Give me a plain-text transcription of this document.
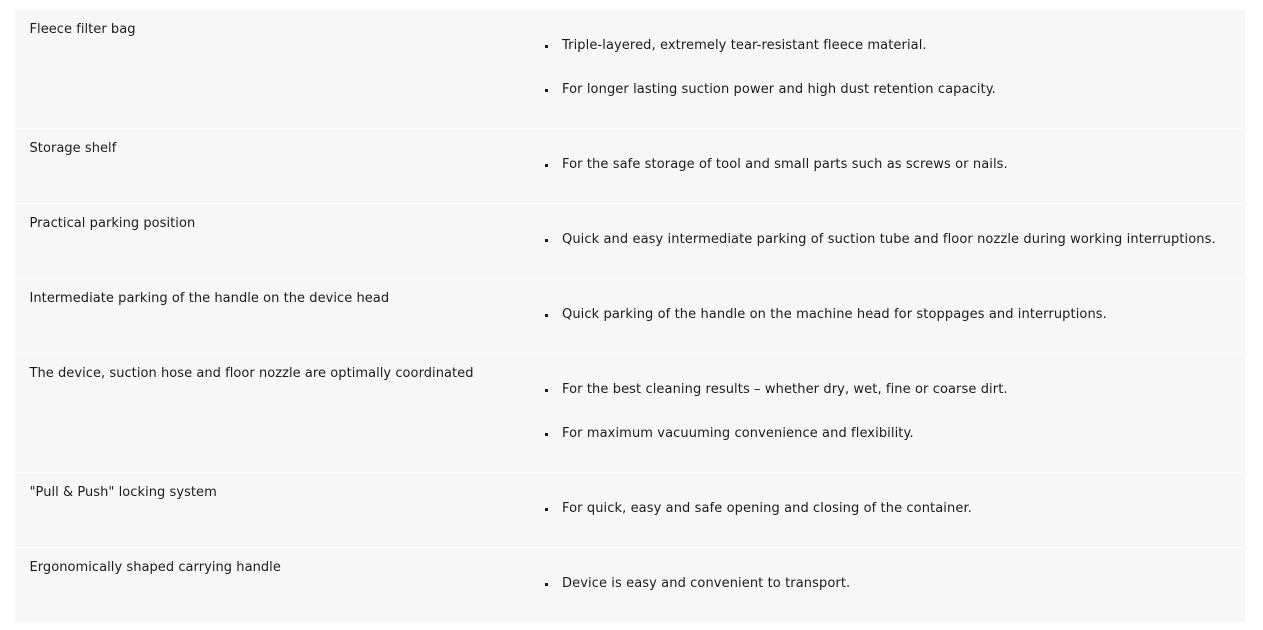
Fleece filter bag
Triple-layered, extremely tear-resistant fleece material.
For longer lasting suction power and high dust retention capacity.
Storage shelf
For the safe storage of tool and small parts such as screws or nails.
Practical parking position
Quick and easy intermediate parking of suction tube and floor nozzle during working interruptions.
Intermediate parking of the handle on the device head
Quick parking of the handle on the machine head for stoppages and interruptions.
The device, suction hose and floor nozzle are optimally coordinated
For the best cleaning results – whether dry, wet, fine or coarse dirt.
For maximum vacuuming convenience and flexibility.
"Pull & Push" locking system
For quick, easy and safe opening and closing of the container.
Ergonomically shaped carrying handle
Device is easy and convenient to transport.
